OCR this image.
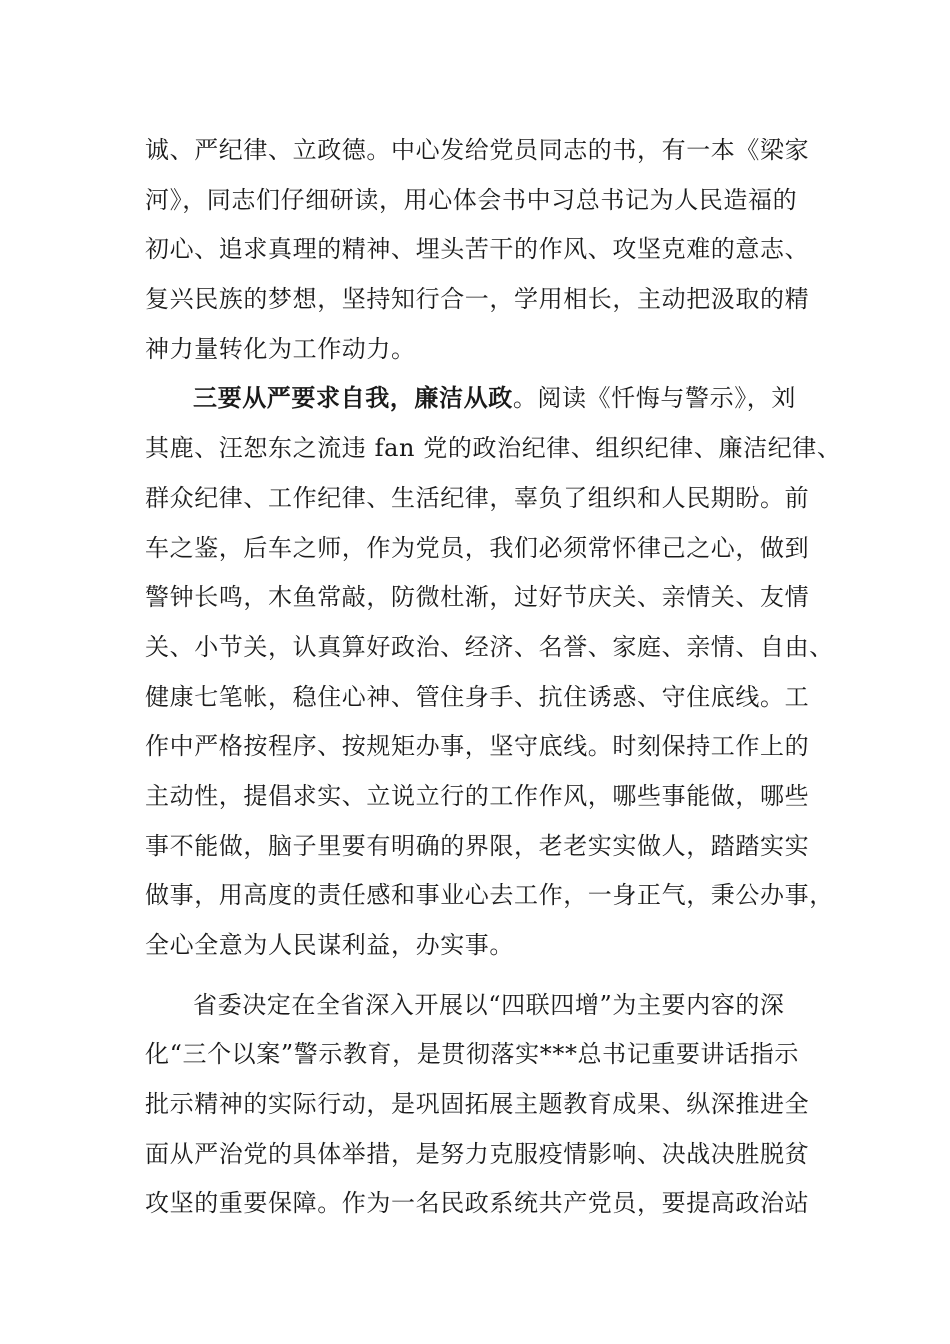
诚、严纪律、立政德。中心发给党员同志的书，有一本《梁家
河》，同志们仔细研读，用心体会书中习总书记为人民造福的
初心、追求真理的精神、埋头苦干的作风、攻坚克难的意志、
复兴民族的梦想，坚持知行合一，学用相长，主动把汲取的精
神力量转化为工作动力。
三要从严要求自我，廉洁从政。阅读《忏悔与警示》，刘
其鹿、汪恕东之流违 fan 党的政治纪律、组织纪律、廉洁纪律、
群众纪律、工作纪律、生活纪律，辜负了组织和人民期盼。前
车之鉴，后车之师，作为党员，我们必须常怀律己之心，做到
警钟长鸣，木鱼常敲，防微杜渐，过好节庆关、亲情关、友情
关、小节关，认真算好政治、经济、名誉、家庭、亲情、自由、
健康七笔帐，稳住心神、管住身手、抗住诱惑、守住底线。工
作中严格按程序、按规矩办事，坚守底线。时刻保持工作上的
主动性，提倡求实、立说立行的工作作风，哪些事能做，哪些
事不能做，脑子里要有明确的界限，老老实实做人，踏踏实实
做事，用高度的责任感和事业心去工作，一身正气，秉公办事，
全心全意为人民谋利益，办实事。
省委决定在全省深入开展以“四联四增”为主要内容的深
化“三个以案”警示教育，是贯彻落实***总书记重要讲话指示
批示精神的实际行动，是巩固拓展主题教育成果、纵深推进全
面从严治党的具体举措，是努力克服疫情影响、决战决胜脱贫
攻坚的重要保障。作为一名民政系统共产党员，要提高政治站
